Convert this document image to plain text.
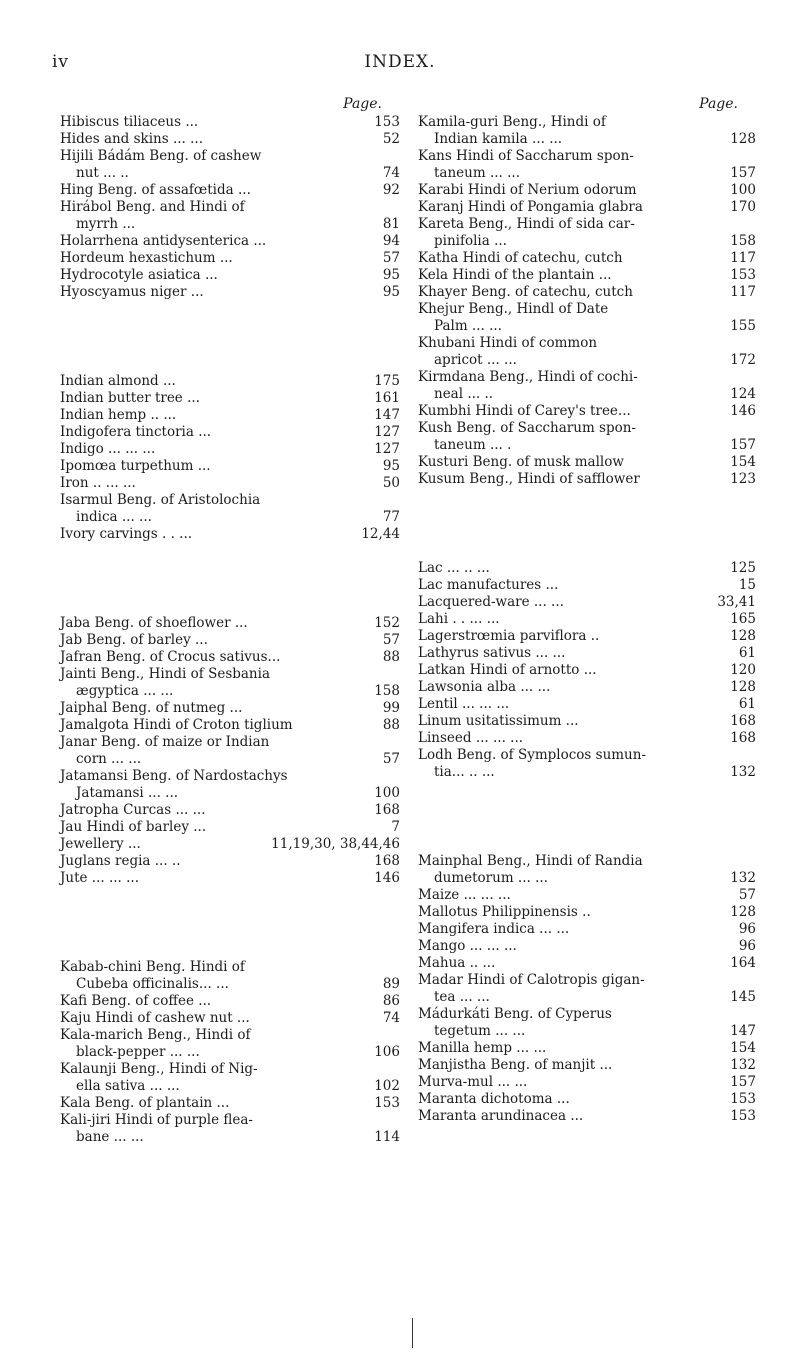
iv	INDEX.
Page.
Hibiscus tiliaceus ...	153
Hides and skins ... ...	52
Hijili Bádám Beng. of cashew
nut ... ..	74
Hing Beng. of assafœtida ...	92
Hirábol Beng. and Hindi of
myrrh ...	81
Holarrhena antidysenterica ...	94
Hordeum hexastichum ...	57
Hydrocotyle asiatica ...	95
Hyoscyamus niger ...	95
Indian almond ...	175
Indian butter tree ...	161
Indian hemp .. ...	147
Indigofera tinctoria ...	127
Indigo ... ... ...	127
Ipomœa turpethum ...	95
Iron .. ... ...	50
Isarmul Beng. of Aristolochia
indica ... ...	77
Ivory carvings . . ...	12,44
Jaba Beng. of shoeflower ...	152
Jab Beng. of barley ...	57
Jafran Beng. of Crocus sativus...	88
Jainti Beng., Hindi of Sesbania
ægyptica ... ...	158
Jaiphal Beng. of nutmeg ...	99
Jamalgota Hindi of Croton tiglium	88
Janar Beng. of maize or Indian
corn ... ...	57
Jatamansi Beng. of Nardostachys
Jatamansi ... ...	100
Jatropha Curcas ... ...	168
Jau Hindi of barley ...	7
Jewellery ...	11,19,30, 38,44,46
Juglans regia ... ..	168
Jute ... ... ...	146
Kabab-chini Beng. Hindi of
Cubeba officinalis... ...	89
Kafi Beng. of coffee ...	86
Kaju Hindi of cashew nut ...	74
Kala-marich Beng., Hindi of
black-pepper ... ...	106
Kalaunji Beng., Hindi of Nig-
ella sativa ... ...	102
Kala Beng. of plantain ...	153
Kali-jiri Hindi of purple flea-
bane ... ...	114
Page.
Kamila-guri Beng., Hindi of
Indian kamila ... ...	128
Kans Hindi of Saccharum spon-
taneum ... ...	157
Karabi Hindi of Nerium odorum	100
Karanj Hindi of Pongamia glabra	170
Kareta Beng., Hindi of sida car-
pinifolia ...	158
Katha Hindi of catechu, cutch	117
Kela Hindi of the plantain ...	153
Khayer Beng. of catechu, cutch	117
Khejur Beng., Hindl of Date
Palm ... ...	155
Khubani Hindi of common
apricot ... ...	172
Kirmdana Beng., Hindi of cochi-
neal ... ..	124
Kumbhi Hindi of Carey's tree...	146
Kush Beng. of Saccharum spon-
taneum ... .	157
Kusturi Beng. of musk mallow	154
Kusum Beng., Hindi of safflower	123
Lac ... .. ...	125
Lac manufactures ...	15
Lacquered-ware ... ...	33,41
Lahi . . ... ...	165
Lagerstrœmia parviflora ..	128
Lathyrus sativus ... ...	61
Latkan Hindi of arnotto ...	120
Lawsonia alba ... ...	128
Lentil ... ... ...	61
Linum usitatissimum ...	168
Linseed ... ... ...	168
Lodh Beng. of Symplocos sumun-
tia... .. ...	132
Mainphal Beng., Hindi of Randia
dumetorum ... ...	132
Maize ... ... ...	57
Mallotus Philippinensis ..	128
Mangifera indica ... ...	96
Mango ... ... ...	96
Mahua .. ...	164
Madar Hindi of Calotropis gigan-
tea ... ...	145
Mádurkáti Beng. of Cyperus
tegetum ... ...	147
Manilla hemp ... ...	154
Manjistha Beng. of manjit ...	132
Murva-mul ... ...	157
Maranta dichotoma ...	153
Maranta arundinacea ...	153
